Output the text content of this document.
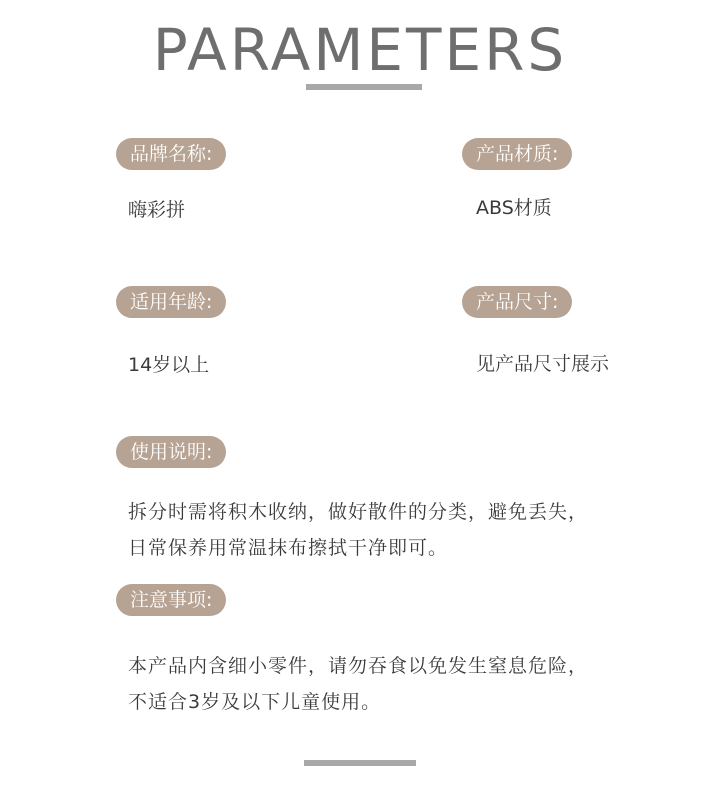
PARAMETERS
品牌名称:
嗨彩拼
产品材质:
ABS材质
适用年龄:
14岁以上
产品尺寸:
见产品尺寸展示
使用说明:
拆分时需将积木收纳，做好散件的分类，避免丢失，
日常保养用常温抹布擦拭干净即可。
注意事项:
本产品内含细小零件，请勿吞食以免发生窒息危险，
不适合3岁及以下儿童使用。
